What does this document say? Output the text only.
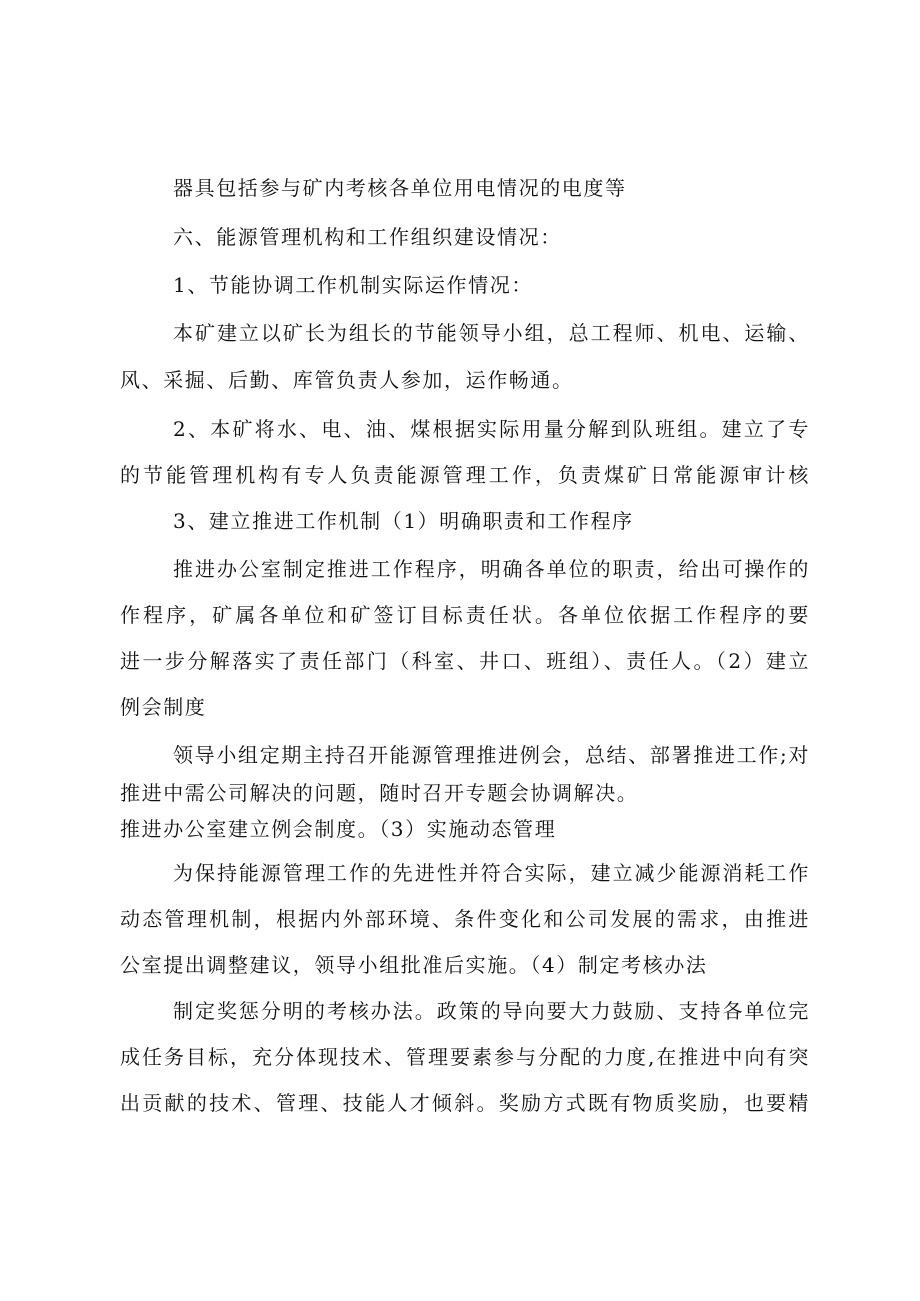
器具包括参与矿内考核各单位用电情况的电度等

六、能源管理机构和工作组织建设情况：

1、节能协调工作机制实际运作情况：

本矿建立以矿长为组长的节能领导小组，总工程师、机电、运输、

风、采掘、后勤、库管负责人参加，运作畅通。

2、本矿将水、电、油、煤根据实际用量分解到队班组。建立了专

的节能管理机构有专人负责能源管理工作，负责煤矿日常能源审计核

3、建立推进工作机制（1）明确职责和工作程序

推进办公室制定推进工作程序，明确各单位的职责，给出可操作的

作程序，矿属各单位和矿签订目标责任状。各单位依据工作程序的要

进一步分解落实了责任部门（科室、井口、班组）、责任人。（2）建立

例会制度

领导小组定期主持召开能源管理推进例会，总结、部署推进工作;对

推进中需公司解决的问题，随时召开专题会协调解决。

推进办公室建立例会制度。（3）实施动态管理

为保持能源管理工作的先进性并符合实际，建立减少能源消耗工作

动态管理机制，根据内外部环境、条件变化和公司发展的需求，由推进

公室提出调整建议，领导小组批准后实施。（4）制定考核办法

制定奖惩分明的考核办法。政策的导向要大力鼓励、支持各单位完

成任务目标，充分体现技术、管理要素参与分配的力度,在推进中向有突

出贡献的技术、管理、技能人才倾斜。奖励方式既有物质奖励，也要精
